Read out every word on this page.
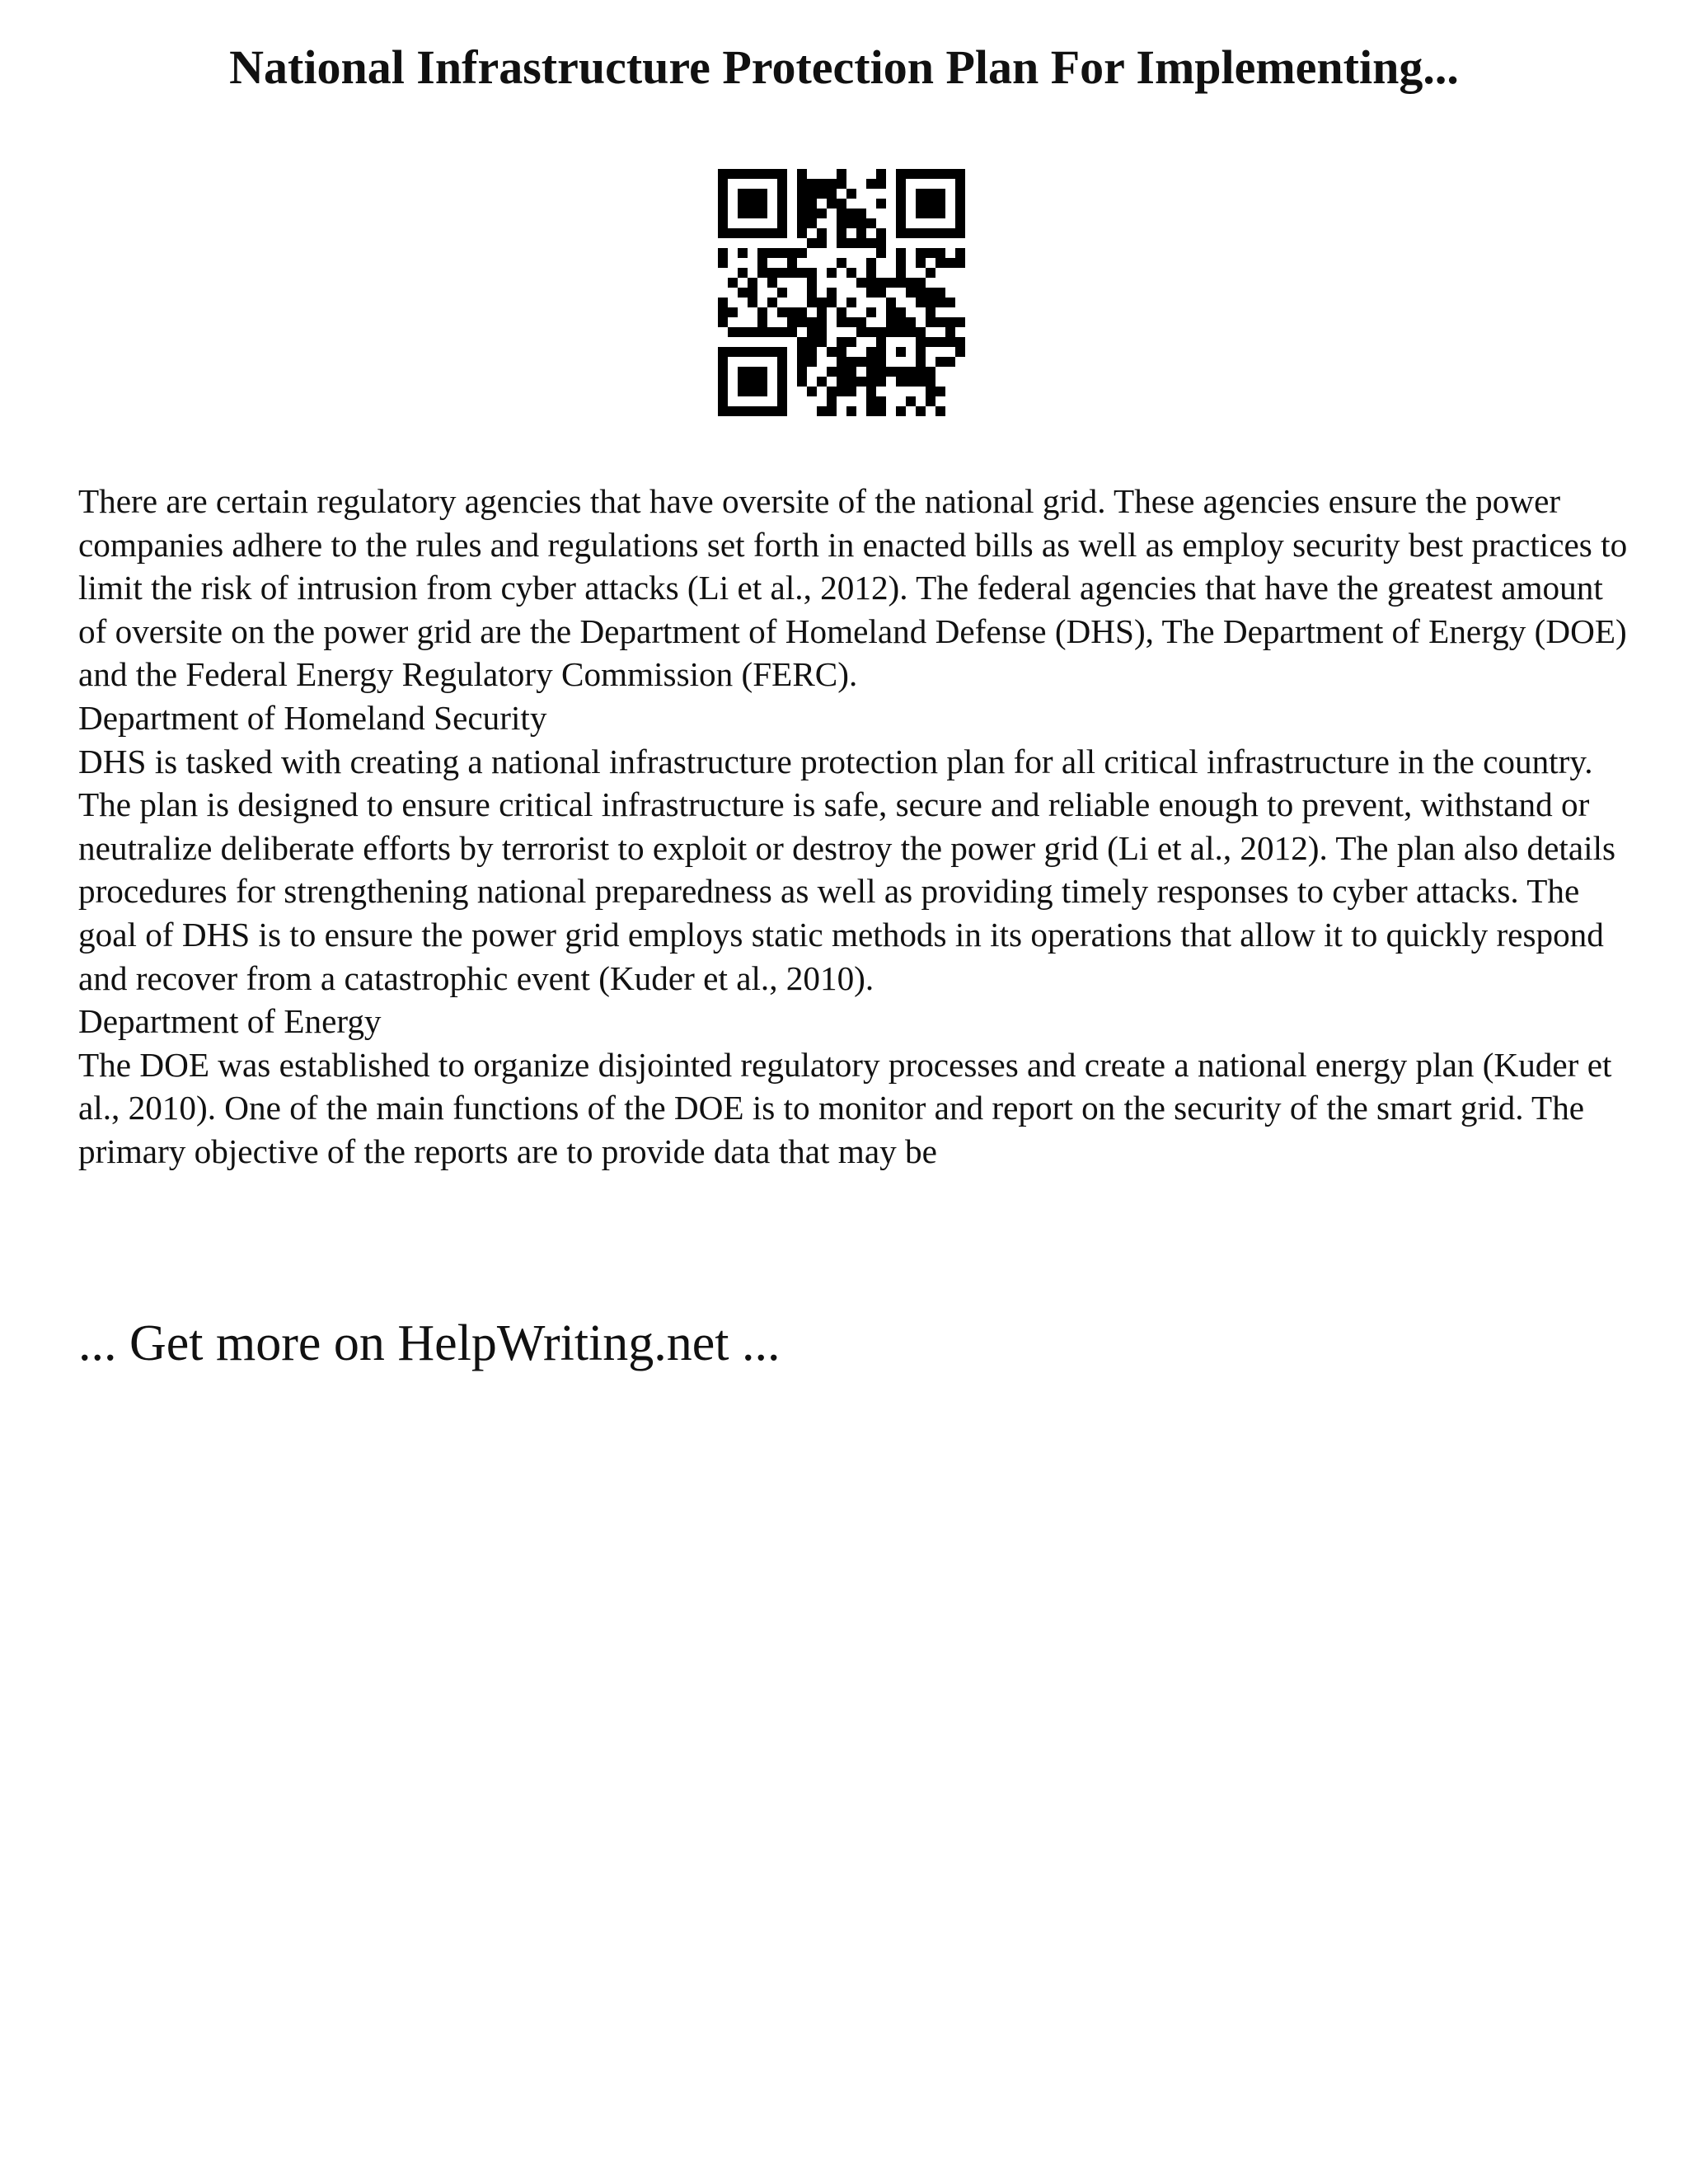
National Infrastructure Protection Plan For Implementing...

There are certain regulatory agencies that have oversite of the national grid. These agencies ensure the power companies adhere to the rules and regulations set forth in enacted bills as well as employ security best practices to limit the risk of intrusion from cyber attacks (Li et al., 2012). The federal agencies that have the greatest amount of oversite on the power grid are the Department of Homeland Defense (DHS), The Department of Energy (DOE) and the Federal Energy Regulatory Commission (FERC).

Department of Homeland Security

DHS is tasked with creating a national infrastructure protection plan for all critical infrastructure in the country. The plan is designed to ensure critical infrastructure is safe, secure and reliable enough to prevent, withstand or neutralize deliberate efforts by terrorist to exploit or destroy the power grid (Li et al., 2012). The plan also details procedures for strengthening national preparedness as well as providing timely responses to cyber attacks. The goal of DHS is to ensure the power grid employs static methods in its operations that allow it to quickly respond and recover from a catastrophic event (Kuder et al., 2010).

Department of Energy

The DOE was established to organize disjointed regulatory processes and create a national energy plan (Kuder et al., 2010). One of the main functions of the DOE is to monitor and report on the security of the smart grid. The primary objective of the reports are to provide data that may be

... Get more on HelpWriting.net ...
